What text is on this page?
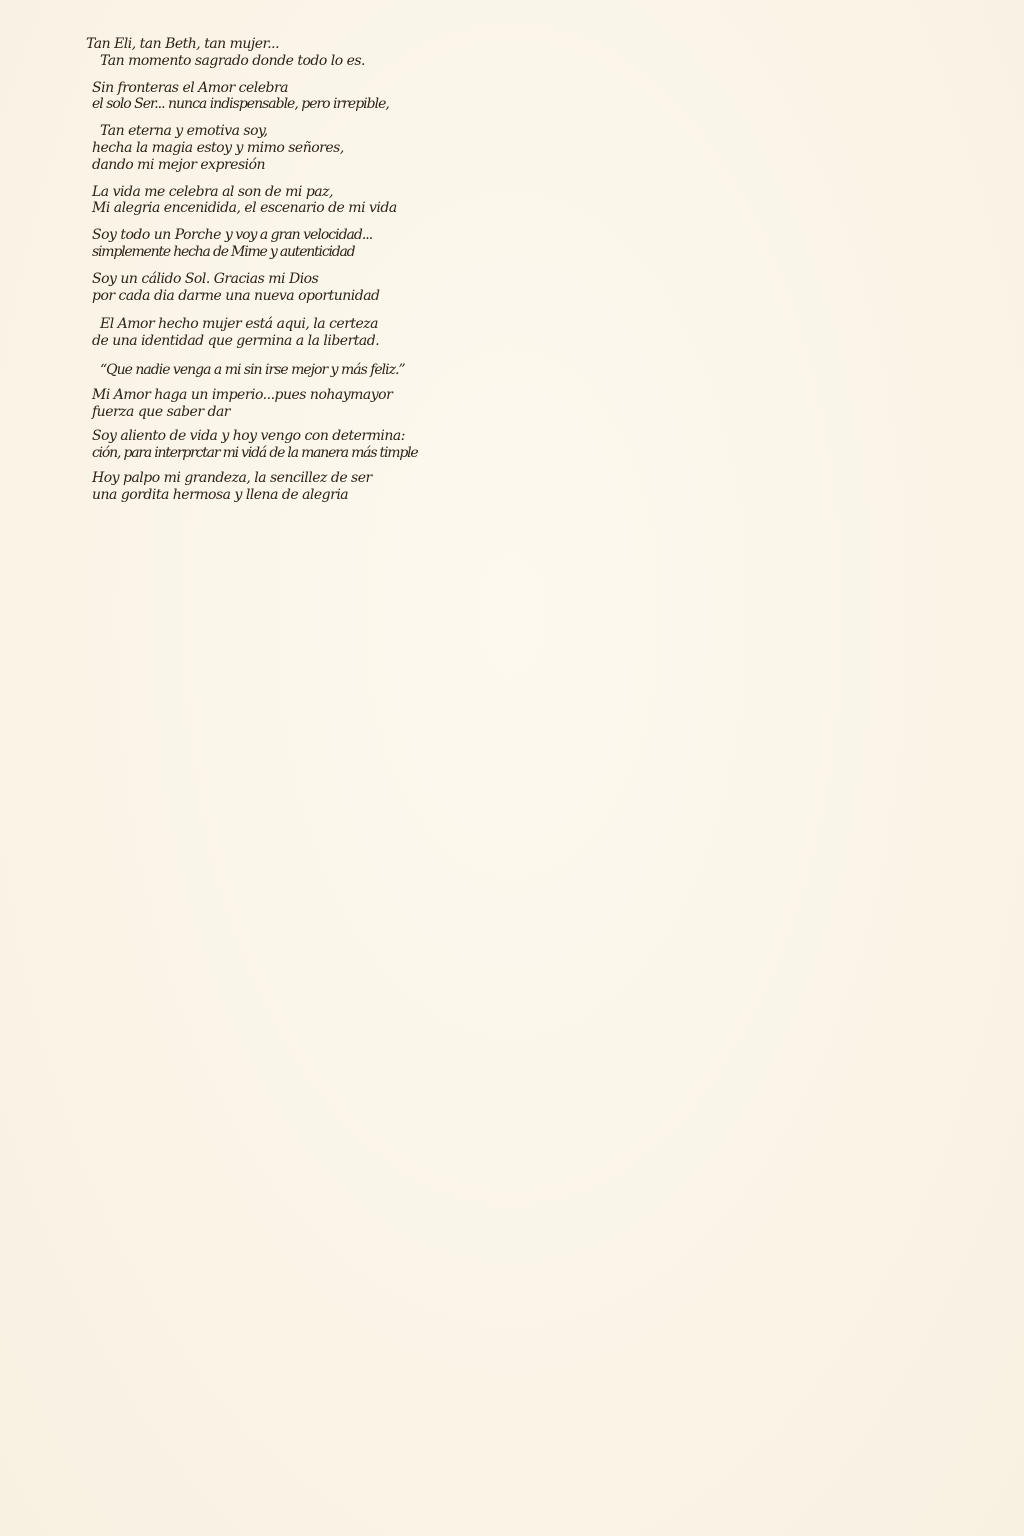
Tan Eli, tan Beth, tan mujer...
Tan momento sagrado donde todo lo es.
Sin fronteras el Amor celebra
el solo Ser... nunca indispensable, pero irrepible,
Tan eterna y emotiva soy,
hecha la magia estoy y mimo señores,
dando mi mejor expresión
La vida me celebra al son de mi paz,
Mi alegria encenidida, el escenario de mi vida
Soy todo un Porche y voy a gran velocidad...
simplemente hecha de Mime y autenticidad
Soy un cálido Sol. Gracias mi Dios
por cada dia darme una nueva oportunidad
El Amor hecho mujer está aqui, la certeza
de una identidad que germina a la libertad.
“Que nadie venga a mi sin irse mejor y más feliz.”
Mi Amor haga un imperio...pues nohaymayor
fuerza que saber dar
Soy aliento de vida y hoy vengo con determina:
ción, para interprctar mi vidá de la manera más timple
Hoy palpo mi grandeza, la sencillez de ser
una gordita hermosa y llena de alegria
